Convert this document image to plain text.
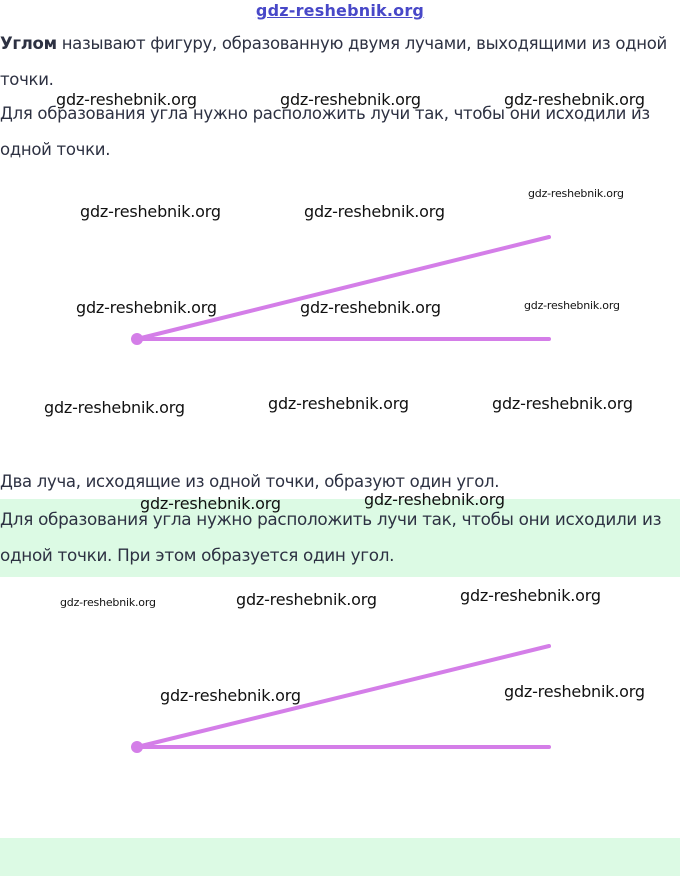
gdz-reshebnik.org
Углом называют фигуру, образованную двумя лучами, выходящими из одной точки.
Для образования угла нужно расположить лучи так, чтобы они исходили из одной точки.
Два луча, исходящие из одной точки, образуют один угол.
Для образования угла нужно расположить лучи так, чтобы они исходили из одной точки. При этом образуется один угол.
gdz-reshebnik.org	gdz-reshebnik.org	gdz-reshebnik.org
gdz-reshebnik.org
gdz-reshebnik.org	gdz-reshebnik.org
gdz-reshebnik.org	gdz-reshebnik.org	gdz-reshebnik.org
gdz-reshebnik.org	gdz-reshebnik.org	gdz-reshebnik.org
gdz-reshebnik.org	gdz-reshebnik.org
gdz-reshebnik.org	gdz-reshebnik.org	gdz-reshebnik.org
gdz-reshebnik.org	gdz-reshebnik.org
